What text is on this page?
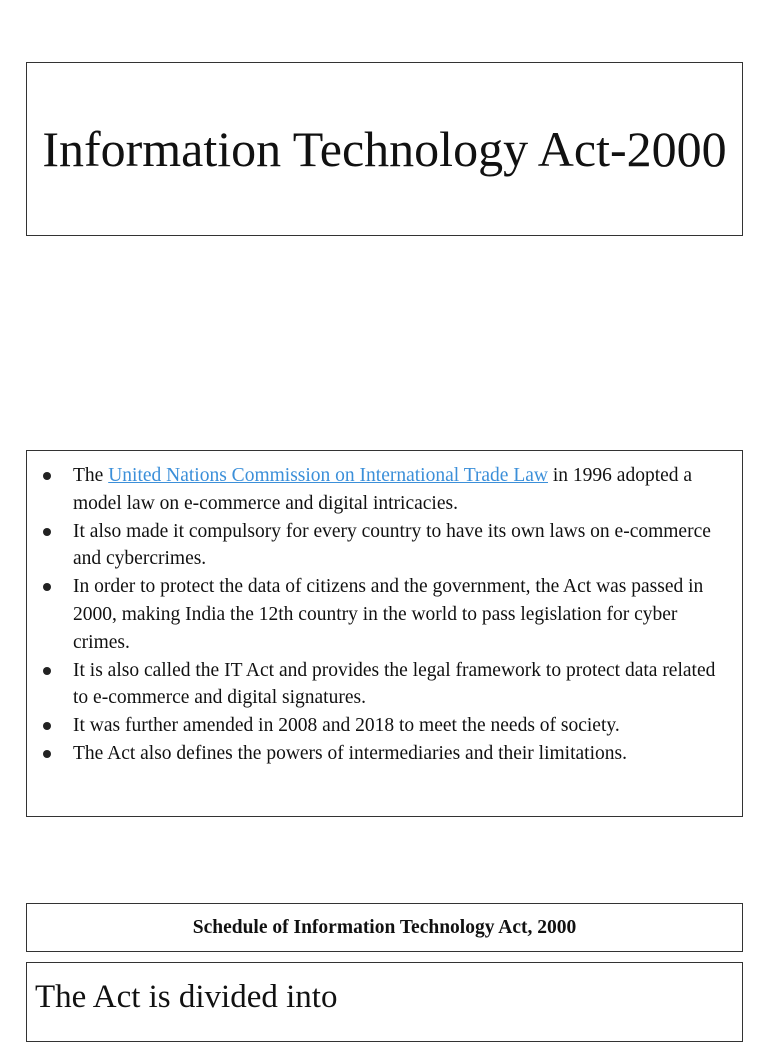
Information Technology Act-2000
The United Nations Commission on International Trade Law in 1996 adopted a model law on e-commerce and digital intricacies.
It also made it compulsory for every country to have its own laws on e-commerce and cybercrimes.
In order to protect the data of citizens and the government, the Act was passed in 2000, making India the 12th country in the world to pass legislation for cyber crimes.
It is also called the IT Act and provides the legal framework to protect data related to e-commerce and digital signatures.
It was further amended in 2008 and 2018 to meet the needs of society.
The Act also defines the powers of intermediaries and their limitations.
Schedule of Information Technology Act, 2000

The Act is divided into
